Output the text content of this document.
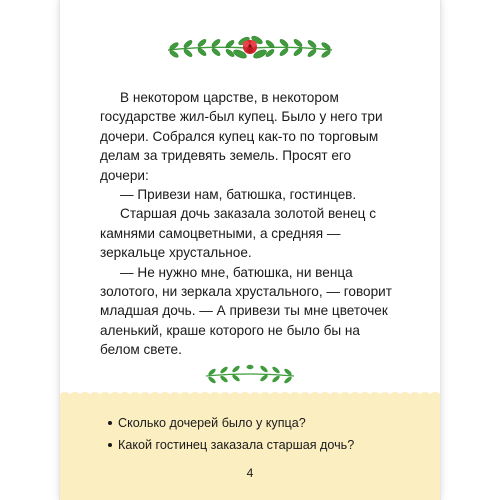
В некотором царстве, в некотором государстве жил-был купец. Было у него три дочери. Собрался купец как-то по торговым делам за тридевять земель. Просят его дочери:

— Привези нам, батюшка, гостинцев.

Старшая дочь заказала золотой венец с камнями самоцветными, а средняя — зеркальце хрустальное.

— Не нужно мне, батюшка, ни венца золотого, ни зеркала хрустального, — говорит младшая дочь. — А привези ты мне цветочек аленький, краше которого не было бы на белом свете.

Сколько дочерей было у купца?
Какой гостинец заказала старшая дочь?
4
